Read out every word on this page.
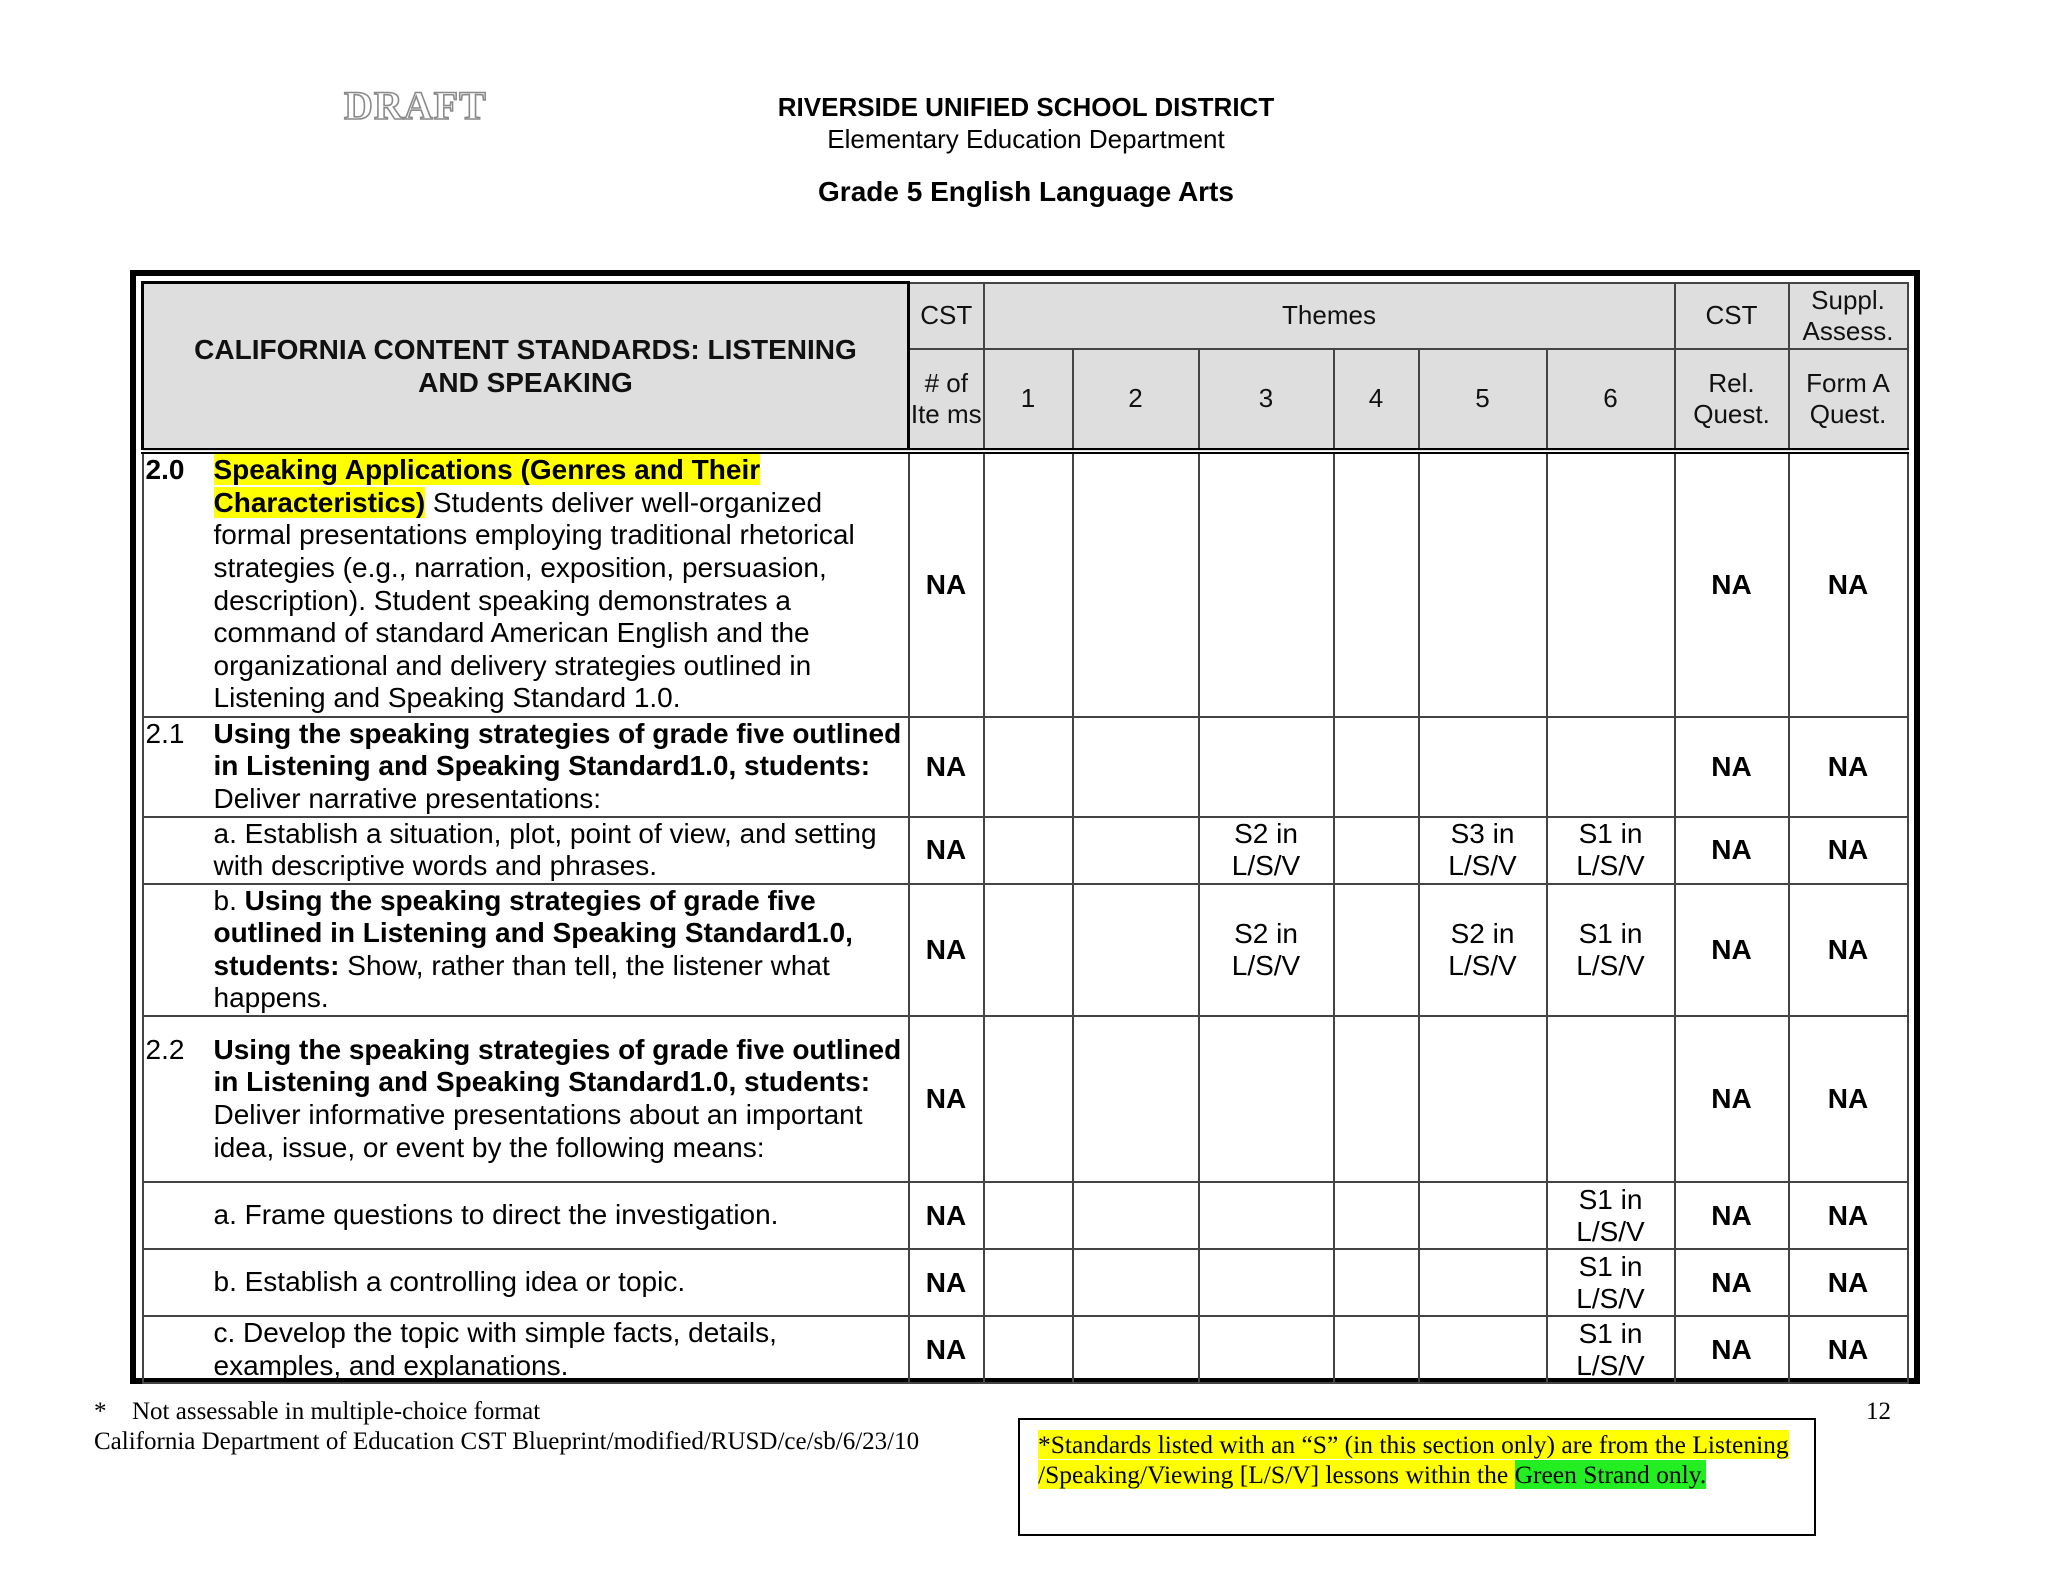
DRAFT	RIVERSIDE UNIFIED SCHOOL DISTRICT
Elementary Education Department
Grade 5 English Language Arts
CALIFORNIA CONTENT STANDARDS: LISTENING AND SPEAKING	CST	Themes						CST	Suppl. Assess.
	# of Ite ms	1	2	3	4	5	6	Rel. Quest.	Form A Quest.

2.0 Speaking Applications (Genres and Their Characteristics) Students deliver well-organized formal presentations employing traditional rhetorical strategies (e.g., narration, exposition, persuasion, description). Student speaking demonstrates a command of standard American English and the organizational and delivery strategies outlined in Listening and Speaking Standard 1.0.	NA							NA	NA

2.1 Using the speaking strategies of grade five outlined in Listening and Speaking Standard1.0, students: Deliver narrative presentations:	NA							NA	NA

a. Establish a situation, plot, point of view, and setting with descriptive words and phrases.	NA			S2 in L/S/V		S3 in L/S/V	S1 in L/S/V	NA	NA

b. Using the speaking strategies of grade five outlined in Listening and Speaking Standard1.0, students: Show, rather than tell, the listener what happens.	NA			S2 in L/S/V		S2 in L/S/V	S1 in L/S/V	NA	NA

2.2 Using the speaking strategies of grade five outlined in Listening and Speaking Standard1.0, students: Deliver informative presentations about an important idea, issue, or event by the following means:	NA							NA	NA

a. Frame questions to direct the investigation.	NA						S1 in L/S/V	NA	NA

b. Establish a controlling idea or topic.	NA						S1 in L/S/V	NA	NA

c. Develop the topic with simple facts, details, examples, and explanations.	NA						S1 in L/S/V	NA	NA
* Not assessable in multiple-choice format
California Department of Education CST Blueprint/modified/RUSD/ce/sb/6/23/10
12
*Standards listed with an “S” (in this section only) are from the Listening /Speaking/Viewing [L/S/V] lessons within the Green Strand only.
